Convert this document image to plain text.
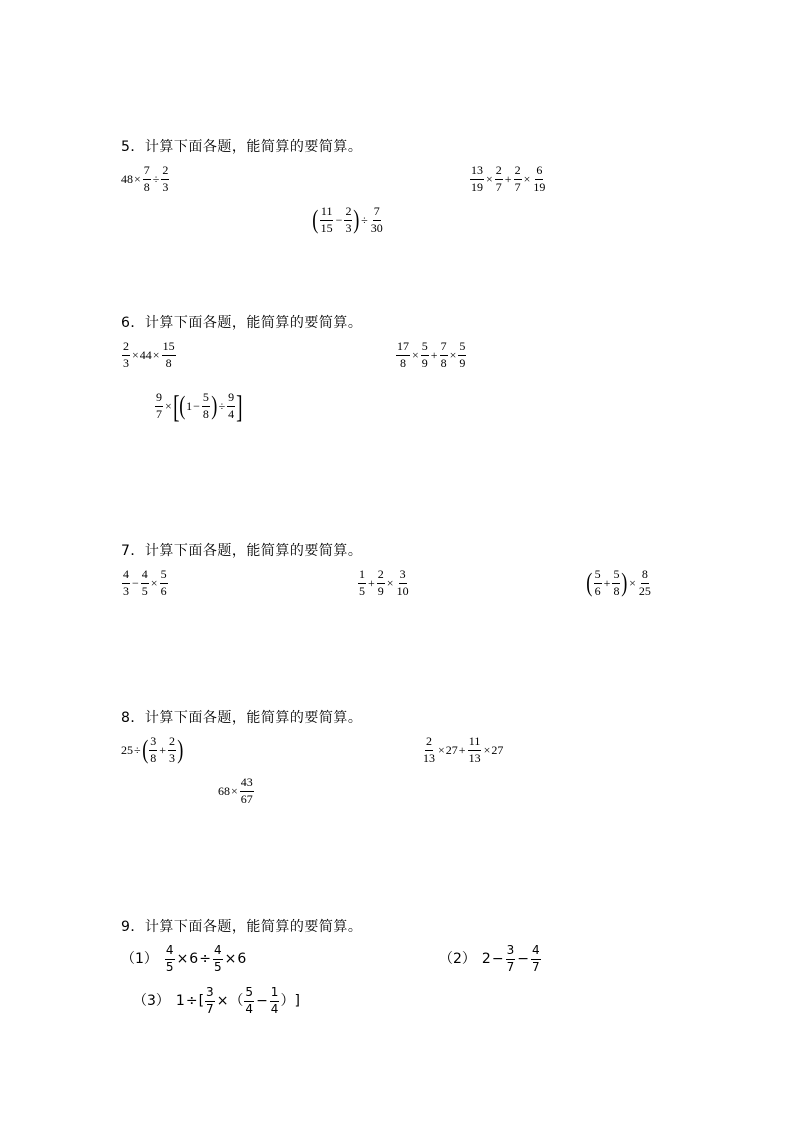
5．计算下面各题，能简算的要简算。
$48 \times \frac{7}{8} \div \frac{2}{3}$	$\frac{13}{19} \times \frac{2}{7} + \frac{2}{7} \times \frac{6}{19}$
( $\frac{11}{15} - \frac{2}{3}$ ) ÷ $\frac{7}{30}$
6．计算下面各题，能简算的要简算。
$\frac{2}{3} \times 44 \times \frac{15}{8}$	$\frac{17}{8} \times \frac{5}{9} + \frac{7}{8} \times \frac{5}{9}$
$\frac{9}{7}$ × [ ( $1 - \frac{5}{8}$ ) ÷ $\frac{9}{4}$ ]
7．计算下面各题，能简算的要简算。
$\frac{4}{3} - \frac{4}{5} \times \frac{5}{6}$	$\frac{1}{5} + \frac{2}{9} \times \frac{3}{10}$	( $\frac{5}{6} + \frac{5}{8}$ ) × $\frac{8}{25}$
8．计算下面各题，能简算的要简算。
25 ÷ ( $\frac{3}{8} + \frac{2}{3}$ )	$\frac{2}{13} \times 27 + \frac{11}{13} \times 27$
$68 \times \frac{43}{67}$
9．计算下面各题，能简算的要简算。
$(1) \frac{4}{5} \times 6 \div \frac{4}{5} \times 6$	（2） $2 - \frac{3}{7} - \frac{4}{7}$
（3） 1 ÷ [ $\frac{3}{7}$ × （ $\frac{5}{4} - \frac{1}{4}$ ） ]
